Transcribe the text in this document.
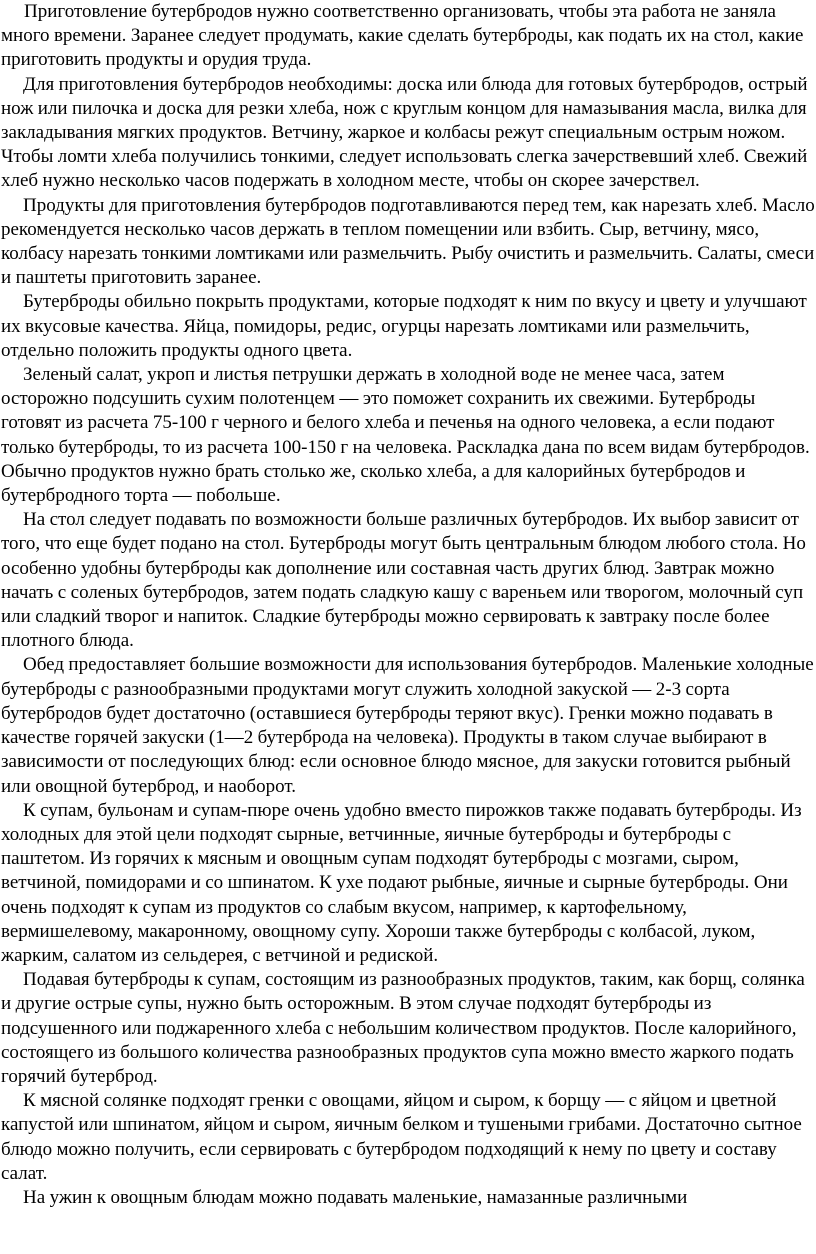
Приготовление бутербродов нужно соответственно организовать, чтобы эта работа не заняла много времени. Заранее следует продумать, какие сделать бутерброды, как подать их на стол, какие приготовить продукты и орудия труда.

Для приготовления бутербродов необходимы: доска или блюда для готовых бутербродов, острый нож или пилочка и доска для резки хлеба, нож с круглым концом для намазывания масла, вилка для закладывания мягких продуктов. Ветчину, жаркое и колбасы режут специальным острым ножом. Чтобы ломти хлеба получились тонкими, следует использовать слегка зачерствевший хлеб. Свежий хлеб нужно несколько часов подержать в холодном месте, чтобы он скорее зачерствел.

Продукты для приготовления бутербродов подготавливаются перед тем, как нарезать хлеб. Масло рекомендуется несколько часов держать в теплом помещении или взбить. Сыр, ветчину, мясо, колбасу нарезать тонкими ломтиками или размельчить. Рыбу очистить и размельчить. Салаты, смеси и паштеты приготовить заранее.

Бутерброды обильно покрыть продуктами, которые подходят к ним по вкусу и цвету и улучшают их вкусовые качества. Яйца, помидоры, редис, огурцы нарезать ломтиками или размельчить, отдельно положить продукты одного цвета.

Зеленый салат, укроп и листья петрушки держать в холодной воде не менее часа, затем осторожно подсушить сухим полотенцем — это поможет сохранить их свежими. Бутерброды готовят из расчета 75-100 г черного и белого хлеба и печенья на одного человека, а если подают только бутерброды, то из расчета 100-150 г на человека. Раскладка дана по всем видам бутербродов. Обычно продуктов нужно брать столько же, сколько хлеба, а для калорийных бутербродов и бутербродного торта — побольше.

На стол следует подавать по возможности больше различных бутербродов. Их выбор зависит от того, что еще будет подано на стол. Бутерброды могут быть центральным блюдом любого стола. Но особенно удобны бутерброды как дополнение или составная часть других блюд. Завтрак можно начать с соленых бутербродов, затем подать сладкую кашу с вареньем или творогом, молочный суп или сладкий творог и напиток. Сладкие бутерброды можно сервировать к завтраку после более плотного блюда.

Обед предоставляет большие возможности для использования бутербродов. Маленькие холодные бутерброды с разнообразными продуктами могут служить холодной закуской — 2-3 сорта бутербродов будет достаточно (оставшиеся бутерброды теряют вкус). Гренки можно подавать в качестве горячей закуски (1—2 бутерброда на человека). Продукты в таком случае выбирают в зависимости от последующих блюд: если основное блюдо мясное, для закуски готовится рыбный или овощной бутерброд, и наоборот.

К супам, бульонам и супам-пюре очень удобно вместо пирожков также подавать бутерброды. Из холодных для этой цели подходят сырные, ветчинные, яичные бутерброды и бутерброды с паштетом. Из горячих к мясным и овощным супам подходят бутерброды с мозгами, сыром, ветчиной, помидорами и со шпинатом. К ухе подают рыбные, яичные и сырные бутерброды. Они очень подходят к супам из продуктов со слабым вкусом, например, к картофельному, вермишелевому, макаронному, овощному супу. Хороши также бутерброды с колбасой, луком, жарким, салатом из сельдерея, с ветчиной и редиской.

Подавая бутерброды к супам, состоящим из разнообразных продуктов, таким, как борщ, солянка и другие острые супы, нужно быть осторожным. В этом случае подходят бутерброды из подсушенного или поджаренного хлеба с небольшим количеством продуктов. После калорийного, состоящего из большого количества разнообразных продуктов супа можно вместо жаркого подать горячий бутерброд.

К мясной солянке подходят гренки с овощами, яйцом и сыром, к борщу — с яйцом и цветной капустой или шпинатом, яйцом и сыром, яичным белком и тушеными грибами. Достаточно сытное блюдо можно получить, если сервировать с бутербродом подходящий к нему по цвету и составу салат.

На ужин к овощным блюдам можно подавать маленькие, намазанные различными
